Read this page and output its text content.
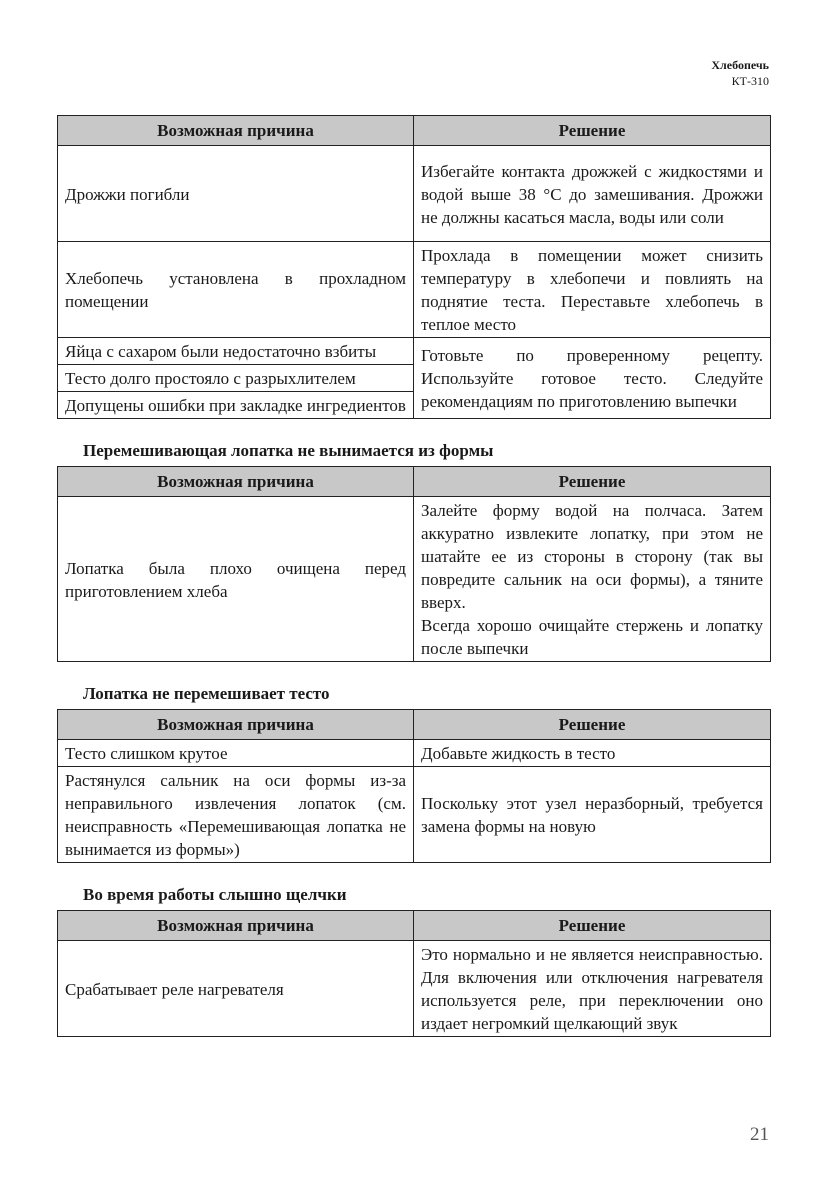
Хлебопечь
КТ-310
Возможная причина	Решение
Дрожжи погибли	Избегайте контакта дрожжей с жидкостями и водой выше 38 °C до замешивания. Дрожжи не должны касаться масла, воды или соли
Хлебопечь установлена в прохладном помещении	Прохлада в помещении может снизить температуру в хлебопечи и повлиять на поднятие теста. Переставьте хлебопечь в теплое место
Яйца с сахаром были недостаточно взбиты	Готовьте по проверенному рецепту. Используйте готовое тесто. Следуйте рекомендациям по приготовлению выпечки
Тесто долго простояло с разрыхлителем	
Допущены ошибки при закладке ингредиентов	
Перемешивающая лопатка не вынимается из формы
Возможная причина	Решение
Лопатка была плохо очищена перед приготовлением хлеба	Залейте форму водой на полчаса. Затем аккуратно извлеките лопатку, при этом не шатайте ее из стороны в сторону (так вы повредите сальник на оси формы), а тяните вверх.
Всегда хорошо очищайте стержень и лопатку после выпечки
Лопатка не перемешивает тесто
Возможная причина	Решение
Тесто слишком крутое	Добавьте жидкость в тесто
Растянулся сальник на оси формы из-за неправильного извлечения лопаток (см. неисправность «Перемешивающая лопатка не вынимается из формы»)	Поскольку этот узел неразборный, требуется замена формы на новую
Во время работы слышно щелчки
Возможная причина	Решение
Срабатывает реле нагревателя	Это нормально и не является неисправностью. Для включения или отключения нагревателя используется реле, при переключении оно издает негромкий щелкающий звук
21
